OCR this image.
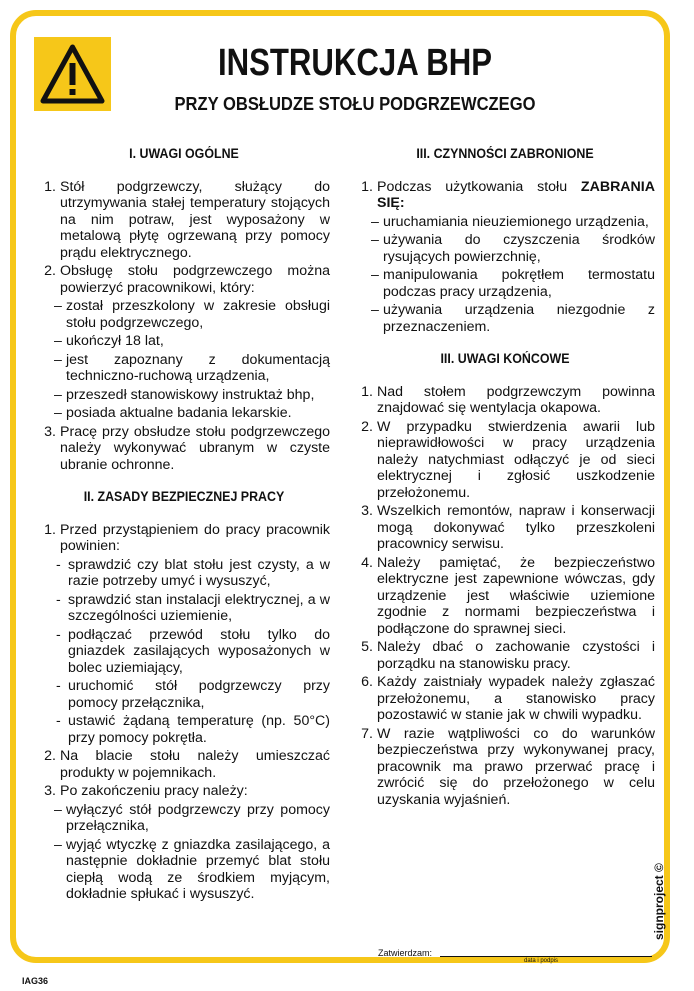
INSTRUKCJA BHP
PRZY OBSŁUDZE STOŁU PODGRZEWCZEGO
I. UWAGI OGÓLNE
1. Stół podgrzewczy, służący do utrzymywania stałej temperatury stojących na nim potraw, jest wyposażony w metalową płytę ogrzewaną przy pomocy prądu elektrycznego.
2. Obsługę stołu podgrzewczego można powierzyć pracownikowi, który:
– został przeszkolony w zakresie obsługi stołu podgrzewczego,
– ukończył 18 lat,
– jest zapoznany z dokumentacją techniczno-ruchową urządzenia,
– przeszedł stanowiskowy instruktaż bhp,
– posiada aktualne badania lekarskie.
3. Pracę przy obsłudze stołu podgrzewczego należy wykonywać ubranym w czyste ubranie ochronne.
II. ZASADY BEZPIECZNEJ PRACY
1. Przed przystąpieniem do pracy pracownik powinien:
- sprawdzić czy blat stołu jest czysty, a w razie potrzeby umyć i wysuszyć,
- sprawdzić stan instalacji elektrycznej, a w szczególności uziemienie,
- podłączać przewód stołu tylko do gniazdek zasilających wyposażonych w bolec uziemiający,
- uruchomić stół podgrzewczy przy pomocy przełącznika,
- ustawić żądaną temperaturę (np. 50°C) przy pomocy pokrętła.
2. Na blacie stołu należy umieszczać produkty w pojemnikach.
3. Po zakończeniu pracy należy:
– wyłączyć stół podgrzewczy przy pomocy przełącznika,
– wyjąć wtyczkę z gniazdka zasilającego, a następnie dokładnie przemyć blat stołu ciepłą wodą ze środkiem myjącym, dokładnie spłukać i wysuszyć.
III. CZYNNOŚCI ZABRONIONE
1. Podczas użytkowania stołu ZABRANIA SIĘ:
– uruchamiania nieuziemionego urządzenia,
– używania do czyszczenia środków rysujących powierzchnię,
– manipulowania pokrętłem termostatu podczas pracy urządzenia,
– używania urządzenia niezgodnie z przeznaczeniem.
III. UWAGI KOŃCOWE
1. Nad stołem podgrzewczym powinna znajdować się wentylacja okapowa.
2. W przypadku stwierdzenia awarii lub nieprawidłowości w pracy urządzenia należy natychmiast odłączyć je od sieci elektrycznej i zgłosić uszkodzenie przełożonemu.
3. Wszelkich remontów, napraw i konserwacji mogą dokonywać tylko przeszkoleni pracownicy serwisu.
4. Należy pamiętać, że bezpieczeństwo elektryczne jest zapewnione wówczas, gdy urządzenie jest właściwie uziemione zgodnie z normami bezpieczeństwa i podłączone do sprawnej sieci.
5. Należy dbać o zachowanie czystości i porządku na stanowisku pracy.
6. Każdy zaistniały wypadek należy zgłaszać przełożonemu, a stanowisko pracy pozostawić w stanie jak w chwili wypadku.
7. W razie wątpliwości co do warunków bezpieczeństwa przy wykonywanej pracy, pracownik ma prawo przerwać pracę i zwrócić się do przełożonego w celu uzyskania wyjaśnień.
signproject ©
Zatwierdzam:
data i podpis
IAG36
